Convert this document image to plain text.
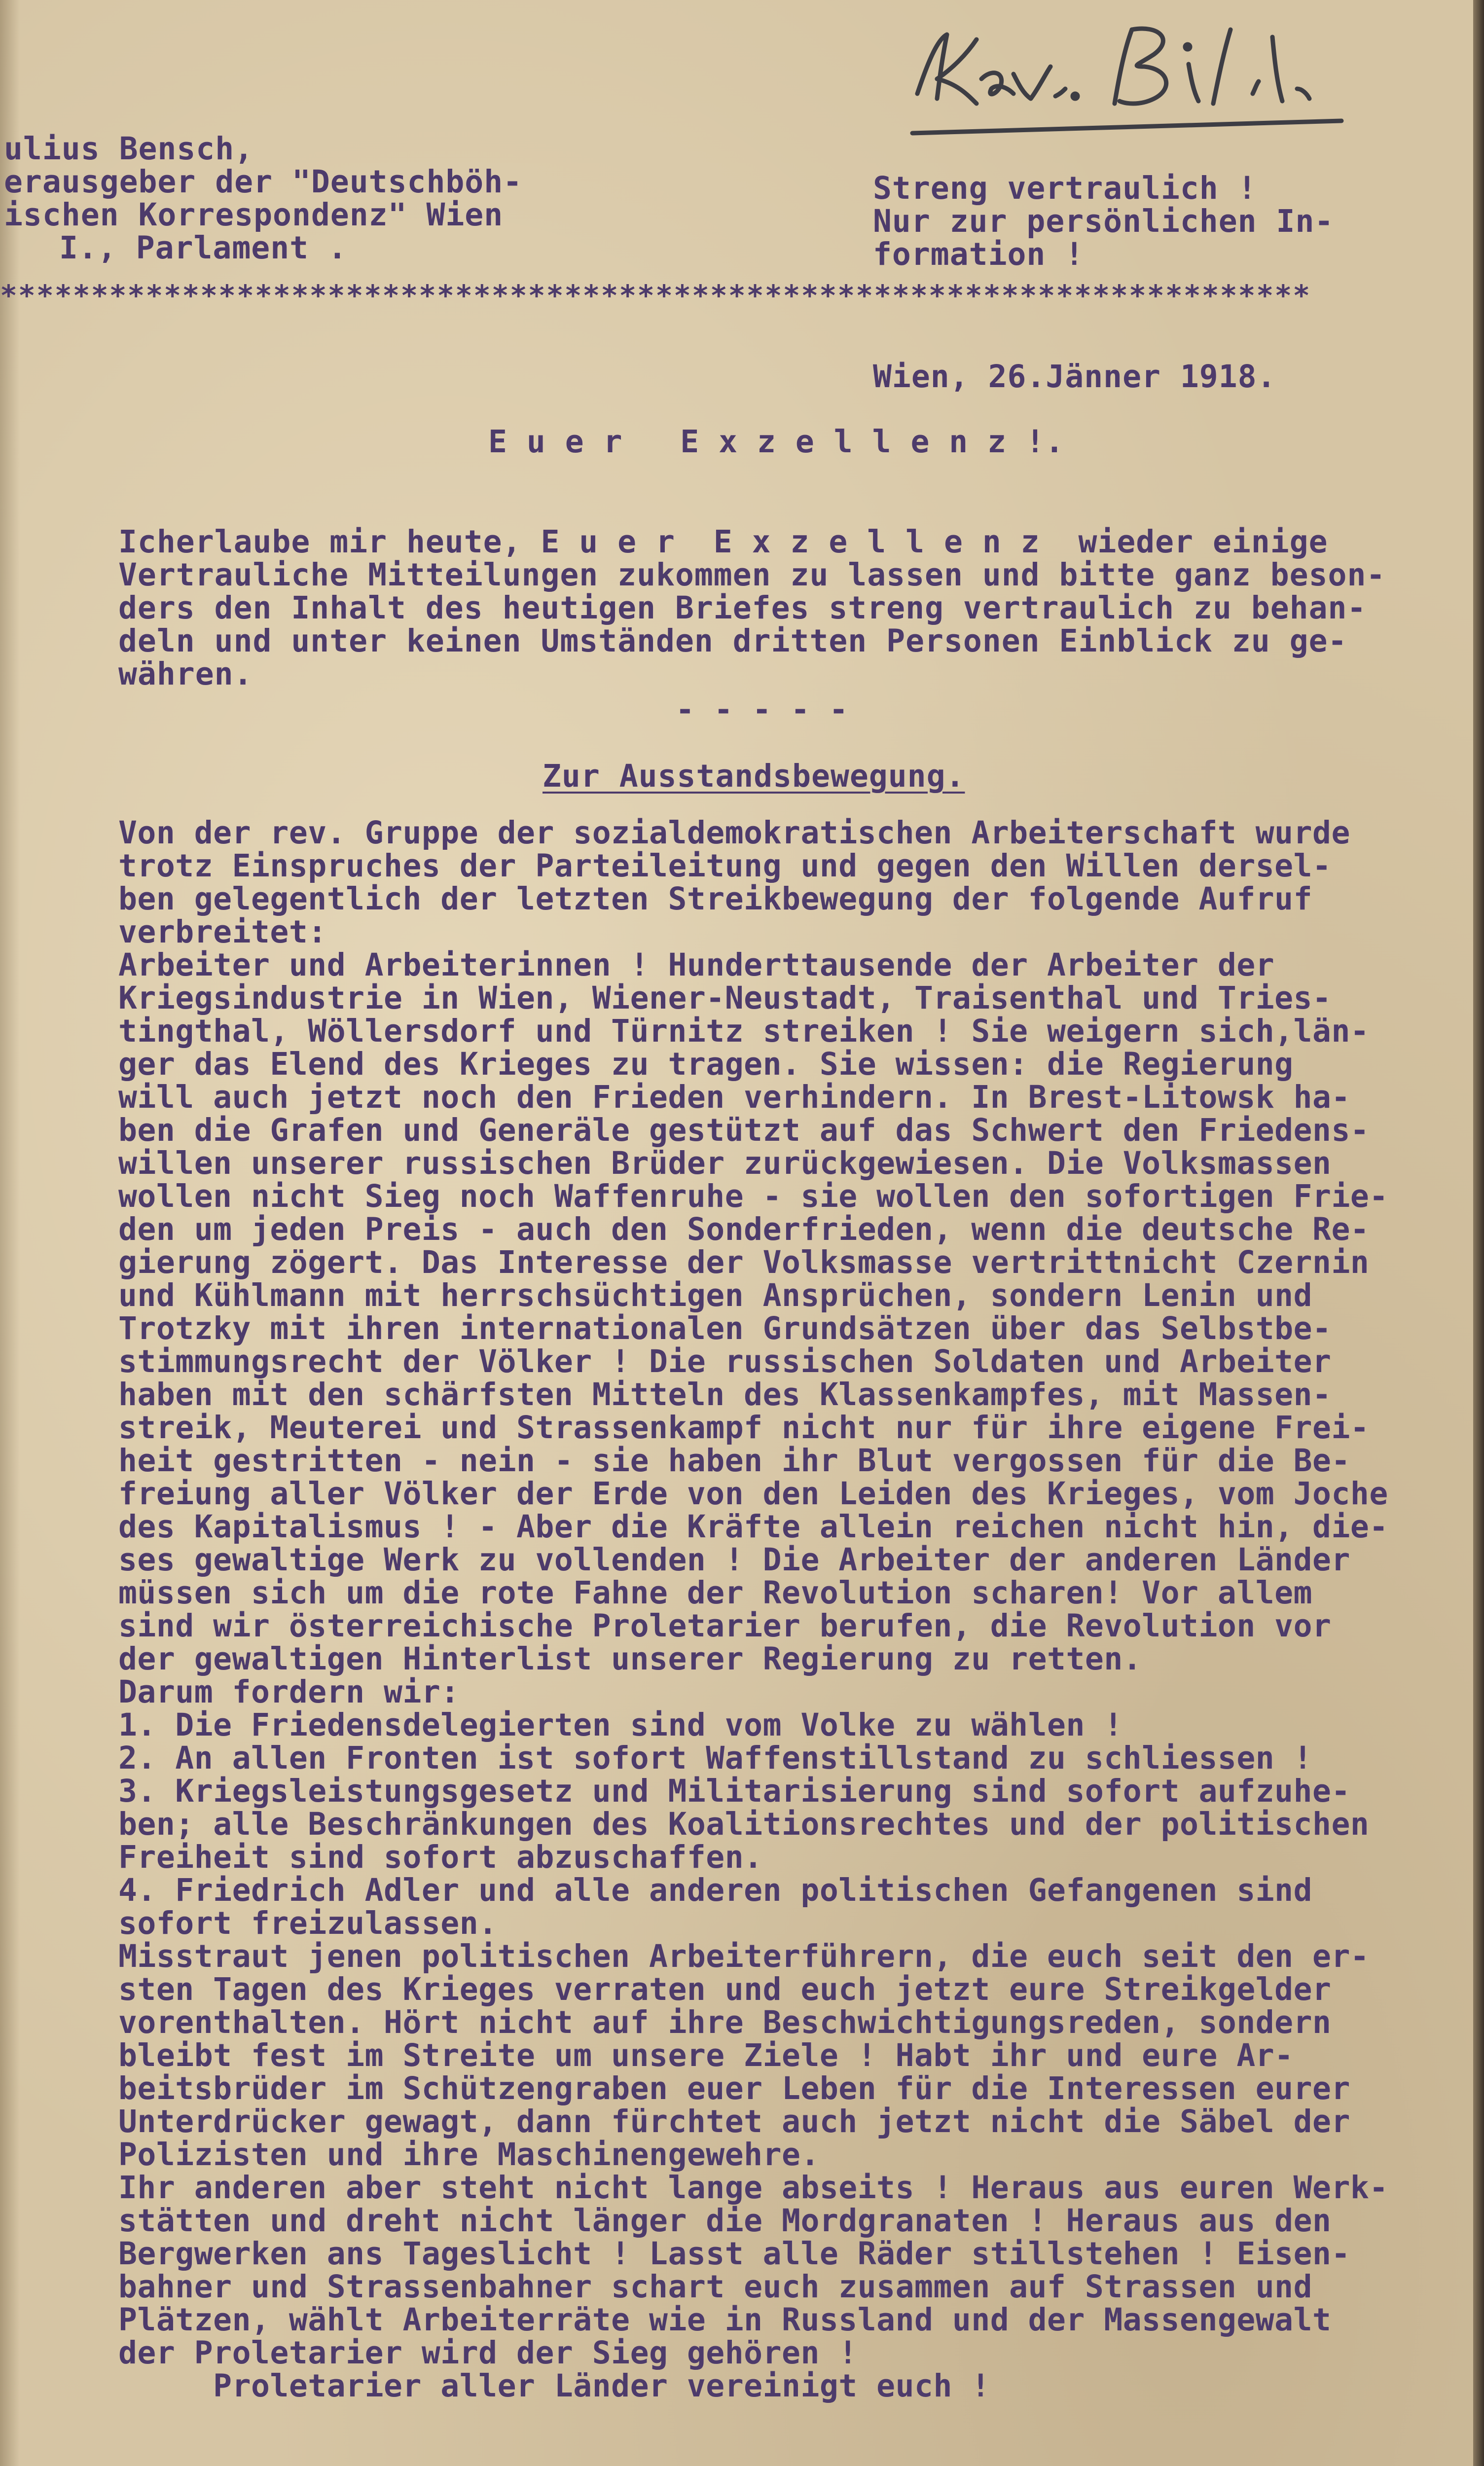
ulius Bensch,
erausgeber der "Deutschböh-
ischen Korrespondenz" Wien
I., Parlament .
Streng vertraulich !
Nur zur persönlichen In-
formation !
************************************************************************
Wien, 26.Jänner 1918.
E u e r   E x z e l l e n z !.
Icherlaube mir heute, E u e r  E x z e l l e n z  wieder einige
Vertrauliche Mitteilungen zukommen zu lassen und bitte ganz beson-
ders den Inhalt des heutigen Briefes streng vertraulich zu behan-
deln und unter keinen Umständen dritten Personen Einblick zu ge-
währen.
- - - - -
Zur Ausstandsbewegung.
Von der rev. Gruppe der sozialdemokratischen Arbeiterschaft wurde
trotz Einspruches der Parteileitung und gegen den Willen dersel-
ben gelegentlich der letzten Streikbewegung der folgende Aufruf
verbreitet:
Arbeiter und Arbeiterinnen ! Hunderttausende der Arbeiter der
Kriegsindustrie in Wien, Wiener-Neustadt, Traisenthal und Tries-
tingthal, Wöllersdorf und Türnitz streiken ! Sie weigern sich,län-
ger das Elend des Krieges zu tragen. Sie wissen: die Regierung
will auch jetzt noch den Frieden verhindern. In Brest-Litowsk ha-
ben die Grafen und Generäle gestützt auf das Schwert den Friedens-
willen unserer russischen Brüder zurückgewiesen. Die Volksmassen
wollen nicht Sieg noch Waffenruhe - sie wollen den sofortigen Frie-
den um jeden Preis - auch den Sonderfrieden, wenn die deutsche Re-
gierung zögert. Das Interesse der Volksmasse vertrittnicht Czernin
und Kühlmann mit herrschsüchtigen Ansprüchen, sondern Lenin und
Trotzky mit ihren internationalen Grundsätzen über das Selbstbe-
stimmungsrecht der Völker ! Die russischen Soldaten und Arbeiter
haben mit den schärfsten Mitteln des Klassenkampfes, mit Massen-
streik, Meuterei und Strassenkampf nicht nur für ihre eigene Frei-
heit gestritten - nein - sie haben ihr Blut vergossen für die Be-
freiung aller Völker der Erde von den Leiden des Krieges, vom Joche
des Kapitalismus ! - Aber die Kräfte allein reichen nicht hin, die-
ses gewaltige Werk zu vollenden ! Die Arbeiter der anderen Länder
müssen sich um die rote Fahne der Revolution scharen! Vor allem
sind wir österreichische Proletarier berufen, die Revolution vor
der gewaltigen Hinterlist unserer Regierung zu retten.
Darum fordern wir:
1. Die Friedensdelegierten sind vom Volke zu wählen !
2. An allen Fronten ist sofort Waffenstillstand zu schliessen !
3. Kriegsleistungsgesetz und Militarisierung sind sofort aufzuhe-
ben; alle Beschränkungen des Koalitionsrechtes und der politischen
Freiheit sind sofort abzuschaffen.
4. Friedrich Adler und alle anderen politischen Gefangenen sind
sofort freizulassen.
Misstraut jenen politischen Arbeiterführern, die euch seit den er-
sten Tagen des Krieges verraten und euch jetzt eure Streikgelder
vorenthalten. Hört nicht auf ihre Beschwichtigungsreden, sondern
bleibt fest im Streite um unsere Ziele ! Habt ihr und eure Ar-
beitsbrüder im Schützengraben euer Leben für die Interessen eurer
Unterdrücker gewagt, dann fürchtet auch jetzt nicht die Säbel der
Polizisten und ihre Maschinengewehre.
Ihr anderen aber steht nicht lange abseits ! Heraus aus euren Werk-
stätten und dreht nicht länger die Mordgranaten ! Heraus aus den
Bergwerken ans Tageslicht ! Lasst alle Räder stillstehen ! Eisen-
bahner und Strassenbahner schart euch zusammen auf Strassen und
Plätzen, wählt Arbeiterräte wie in Russland und der Massengewalt
der Proletarier wird der Sieg gehören !
Proletarier aller Länder vereinigt euch !
